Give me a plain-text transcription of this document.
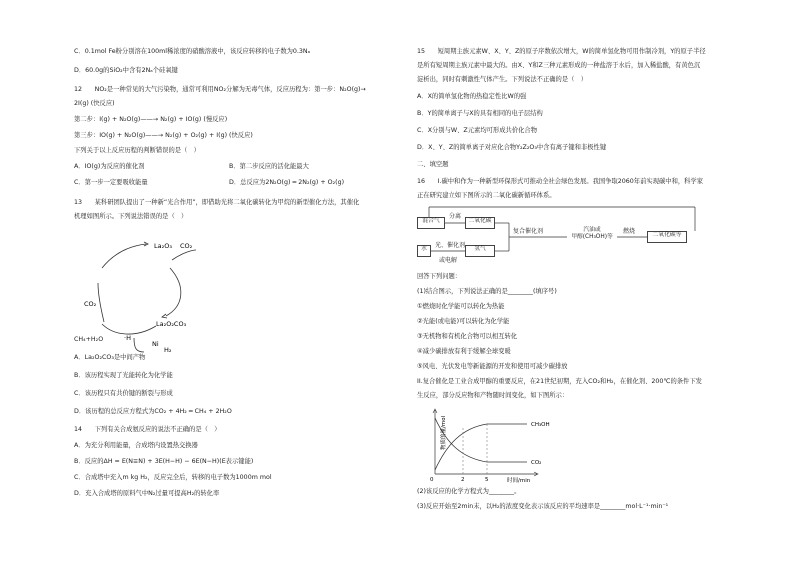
C．0.1mol Fe粉分别溶在100ml稀浓度的硝酸溶液中，该反应转移的电子数为0.3Nₐ
D．60.0g的SiO₂中含有2Nₐ个硅氧键
12　　NO₂是一种常见的大气污染物，通常可利用NO₂分解为无毒气体，反应历程为：第一步：N₂O(g)→
2I(g) (快反应)
第二步：I(g) + N₂O(g)——→ N₂(g) + IO(g) (慢反应)
第三步：IO(g) + N₂O(g)——→ N₂(g) + O₂(g) + I(g) (快反应)
下列关于以上反应历程的判断错误的是（　）
A．IO(g)为反应的催化剂	B．第二步反应的活化能最大
C．第一步一定要吸收能量	D．总反应为2N₂O(g) ═ 2N₂(g) + O₂(g)
13　　某科研团队提出了一种新“光合作用”，即借助光将二氧化碳转化为甲烷的新型催化方法，其催化
机理如图所示。下列说法错误的是（　）
La₂O₃ CO₂
La₂O₂CO₃
CO₂
·H
Ni
H₂
CH₄+H₂O
A．La₂O₂CO₃是中间产物
B．该历程实现了光能转化为化学能
C．该历程只有共价键的断裂与形成
D．该历程的总反应方程式为CO₂ + 4H₂ ═ CH₄ + 2H₂O
14　　下列有关合成氨反应的说法不正确的是（　）
A．为充分利用能量，合成塔内设置热交换器
B．反应的ΔH = E(N≡N) + 3E(H−H) − 6E(N−H)(E表示键能)
C．合成塔中充入m kg H₂，反应完全后，转移的电子数为1000m mol
D．充入合成塔的原料气中N₂过量可提高H₂的转化率
15　　短周期主族元素W、X、Y、Z的原子序数依次增大，W的简单氢化物可用作制冷剂，Y的原子半径
是所有短周期主族元素中最大的。由X、Y和Z三种元素形成的一种盐溶于水后，加入稀盐酸，有黄色沉
淀析出，同时有刺激性气体产生。下列说法不正确的是（　）
A．X的简单氢化物的热稳定性比W的强
B．Y的简单离子与X的具有相同的电子层结构
C．X分别与W、Z元素均可形成共价化合物
D．X、Y、Z的简单离子对应化合物Y₂Z₂O₃中含有离子键和非极性键
二、填空题
16　　I.碳中和作为一种新型环保形式可推动全社会绿色发展。我国争取2060年前实现碳中和，科学家
正在研究建立如下图所示的二氧化碳新循环体系。
混合气
分离
二氧化碳
复合催化剂	汽油或
甲醇(CH₃OH)等
燃烧	二氧化碳等
水	光、催化剂
或电解
氢气
回答下列问题：
(1)结合图示，下列说法正确的是________(填序号)
①燃烧时化学能可以转化为热能
②光能(或电能)可以转化为化学能
③无机物和有机化合物可以相互转化
④减少碳排放有利于缓解全球变暖
⑤风电、光伏发电等新能源的开发和使用可减少碳排放
II.复合催化是工业合成甲醇的重要反应，在21世纪初期，充入CO₂和H₂，在催化剂、200℃的条件下发
生反应，部分反应物和产物随时间变化，如下图所示：
CH₃OH
CO₂
0	2	5	时间/min
物质的量/mol
(2)该反应的化学方程式为________。
(3)反应开始至2min末，以H₂的浓度变化表示该反应的平均速率是________mol·L⁻¹·min⁻¹
